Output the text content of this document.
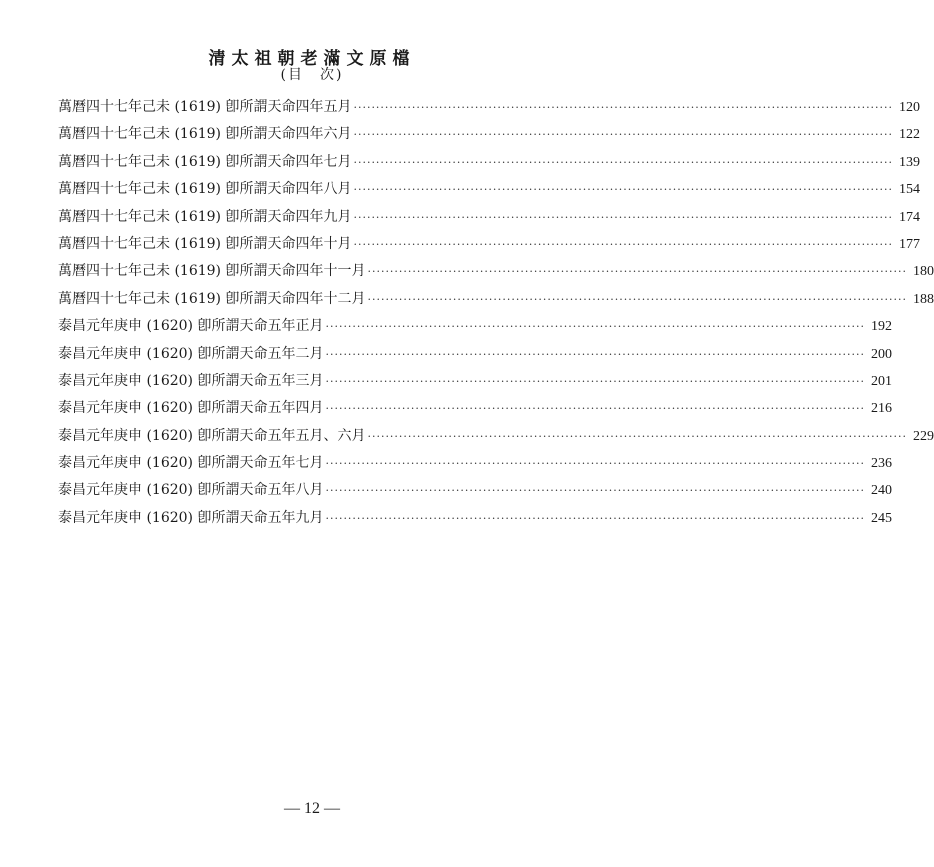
清太祖朝老滿文原檔
(目　次)
萬曆四十七年己未 (1619) 卽所謂天命四年五月 ························································································································ 120
萬曆四十七年己未 (1619) 卽所謂天命四年六月 ························································································································ 122
萬曆四十七年己未 (1619) 卽所謂天命四年七月 ························································································································ 139
萬曆四十七年己未 (1619) 卽所謂天命四年八月 ························································································································ 154
萬曆四十七年己未 (1619) 卽所謂天命四年九月 ························································································································ 174
萬曆四十七年己未 (1619) 卽所謂天命四年十月 ························································································································ 177
萬曆四十七年己未 (1619) 卽所謂天命四年十一月 ························································································································ 180
萬曆四十七年己未 (1619) 卽所謂天命四年十二月 ························································································································ 188
泰昌元年庚申 (1620) 卽所謂天命五年正月 ························································································································ 192
泰昌元年庚申 (1620) 卽所謂天命五年二月 ························································································································ 200
泰昌元年庚申 (1620) 卽所謂天命五年三月 ························································································································ 201
泰昌元年庚申 (1620) 卽所謂天命五年四月 ························································································································ 216
泰昌元年庚申 (1620) 卽所謂天命五年五月、六月 ························································································································ 229
泰昌元年庚申 (1620) 卽所謂天命五年七月 ························································································································ 236
泰昌元年庚申 (1620) 卽所謂天命五年八月 ························································································································ 240
泰昌元年庚申 (1620) 卽所謂天命五年九月 ························································································································ 245
— 12 —
